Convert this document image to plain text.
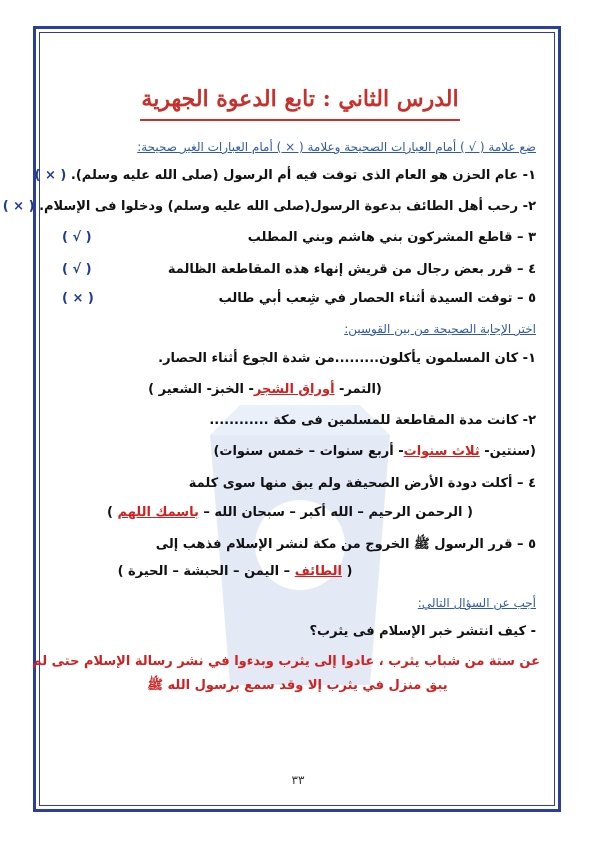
الدرس الثاني : تابع الدعوة الجهرية
ضع علامة ( √ ) أمام العبارات الصحيحة وعلامة ( × ) أمام العبارات الغير صحيحة:
١- عام الحزن هو العام الذى توفت فيه أم الرسول (صلى الله عليه وسلم). ( × )
٢- رحب أهل الطائف بدعوة الرسول(صلى الله عليه وسلم) ودخلوا فى الإسلام. ( × )
٣ – قاطع المشركون بني هاشم وبني المطلب
( √ )
٤ – قرر بعض رجال من قريش إنهاء هذه المقاطعة الظالمة
( √ )
٥ – توفت السيدة أثناء الحصار في شِعب أبي طالب
( × )
اختر الإجابة الصحيحة من بين القوسين:
١- كان المسلمون يأكلون.........من شدة الجوع أثناء الحصار.
(التمر- أوراق الشجر- الخبز- الشعير )
٢- كانت مدة المقاطعة للمسلمين فى مكة ............
(سنتين- ثلاث سنوات- أربع سنوات – خمس سنوات)
٤ – أكلت دودة الأرض الصحيفة ولم يبق منها سوى كلمة
( الرحمن الرحيم – الله أكبر – سبحان الله – باسمك اللهم )
٥ – قرر الرسول ﷺ الخروج من مكة لنشر الإسلام فذهب إلى
( الطائف – اليمن – الحبشة – الحيرة )
أجب عن السؤال التالي:
- كيف انتشر خبر الإسلام فى يثرب؟
عن ستة من شباب يثرب ، عادوا إلى يثرب وبدءوا في نشر رسالة الإسلام حتى لم
يبق منزل في يثرب إلا وقد سمع برسول الله ﷺ
٣٣
